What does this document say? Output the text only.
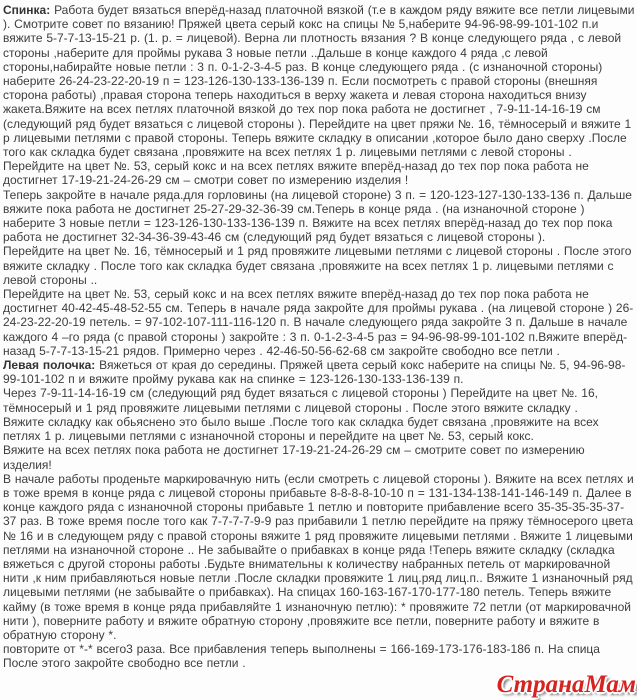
Спинка: Работа будет вязаться вперёд-назад платочной вязкой (т.е в каждом ряду вяжите все петли лицевыми ). Смотрите совет по вязанию! Пряжей цвета серый кокс на спицы № 5,наберите 94-96-98-99-101-102 п.и вяжите 5-7-7-13-15-21 р. (1. р. = лицевой). Верна ли плотность вязания ? В конце следующего ряда , с левой стороны ,наберите для проймы рукава 3 новые петли ..Дальше в конце каждого 4 ряда ,с левой стороны,набирайте новые петли : 3 п. 0-1-2-3-4-5 раз. В конце следующего ряда . (с изнаночной стороны) наберите 26-24-23-22-20-19 п = 123-126-130-133-136-139 п. Если посмотреть с правой стороны (внешняя сторона работы) ,правая сторона теперь находиться в верху жакета и левая сторона находиться внизу жакета.Вяжите на всех петлях платочной вязкой до тех пор пока работа не достигнет , 7-9-11-14-16-19 см (следующий ряд будет вязаться с лицевой стороны ). Перейдите на цвет пряжи №. 16, тёмносерый и вяжите 1 р лицевыми петлями с правой стороны. Теперь вяжите складку в описании ,которое было дано сверху .После того как складка будет связана ,провяжите на всех петлях 1 р. лицевыми петлями с левой стороны .

Перейдите на цвет №. 53, серый кокс и на всех петлях вяжите вперёд-назад до тех пор пока работа не достигнет 17-19-21-24-26-29 см – смотри совет по измерению изделия !

Теперь закройте в начале ряда.для горловины (на лицевой стороне) 3 п. = 120-123-127-130-133-136 п. Дальше вяжите пока работа не достигнет 25-27-29-32-36-39 см.Теперь в конце ряда . (на изнаночной стороне ) наберите 3 новые петли = 123-126-130-133-136-139 п. Вяжите на всех петлях вперёд-назад до тех пор пока работа не достигнет 32-34-36-39-43-46 см (следующий ряд будет вязаться с лицевой стороны ).

Перейдите на цвет №. 16, тёмносерый и 1 ряд провяжите лицевыми петлями с лицевой стороны . После этого вяжите складку . После того как складка будет связана ,провяжите на всех петлях 1 р. лицевыми петлями с левой стороны ..

Перейдите на цвет №. 53, серый кокс и на всех петлях вяжите вперёд-назад до тех пор пока работа не достигнет 40-42-45-48-52-55 см. Теперь в начале ряда закройте для проймы рукава . (на лицевой стороне ) 26-24-23-22-20-19 петель. = 97-102-107-111-116-120 п. В начале следующего ряда закройте 3 п. Дальше в начале каждого 4 –го ряда (с правой стороны ) закройте : 3 п. 0-1-2-3-4-5 раз = 94-96-98-99-101-102 п.Вяжите вперёд-назад 5-7-7-13-15-21 рядов. Примерно через . 42-46-50-56-62-68 см закройте свободно все петли .

Левая полочка: Вяжеться от края до середины. Пряжей цвета серый кокс наберите на спицы №. 5, 94-96-98-99-101-102 п и вяжите пройму рукава как на спинке = 123-126-130-133-136-139 п.

Через 7-9-11-14-16-19 см (следующий ряд будет вязаться с лицевой стороны ) Перейдите на цвет №. 16, тёмносерый и 1 ряд провяжите лицевыми петлями с лицевой стороны . После этого вяжите складку .

Вяжите складку как обьяснено это было выше .После того как складка будет связана ,провяжите на всех петлях 1 р. лицевыми петлями с изнаночной стороны и перейдите на цвет №. 53, серый кокс.

Вяжите на всех петлях пока работа не достигнет 17-19-21-24-26-29 см – смотрите совет по измерению изделия!

В начале работы проденьте маркировачную нить (если смотреть с лицевой стороны ). Вяжите на всех петлях и в тоже время в конце ряда с лицевой стороны прибавьте 8-8-8-8-10-10 п = 131-134-138-141-146-149 п. Далее в конце каждого ряда с изнаночной стороны прибавьте 1 петлю и повторите прибавление всего 35-35-35-35-37-37 раз. В тоже время после того как 7-7-7-7-9-9 раз прибавили 1 петлю перейдите на пряжу тёмносерого цвета № 16 и в следующем ряду с правой стороны вяжите 1 ряд провяжите лицевыми петлями . Вяжите 1 лицевыми петлями на изнаночной стороне .. Не забывайте о прибавках в конце ряда !Теперь вяжите складку (складка вяжеться с другой стороны работы .Будьте внимательны к количеству набранных петель от маркировачной нити ,к ним прибавляються новые петли .После складки провяжите 1 лиц.ряд лиц.п.. Вяжите 1 изнаночный ряд лицевыми петлями (не забывайте о прибавках). На спицах 160-163-167-170-177-180 петель. Теперь вяжите кайму (в тоже время в конце ряда прибавляйте 1 изнаночную петлю): * провяжите 72 петли (от маркировачной нити ), поверните работу и вяжите обратную сторону ,провяжите все петли, поверните работу и вяжите в обратную сторону *.

повторите от *-* всего3 раза. Все прибавления теперь выполнены = 166-169-173-176-183-186 п. На спица

После этого закройте свободно все петли .

СтранаМам
